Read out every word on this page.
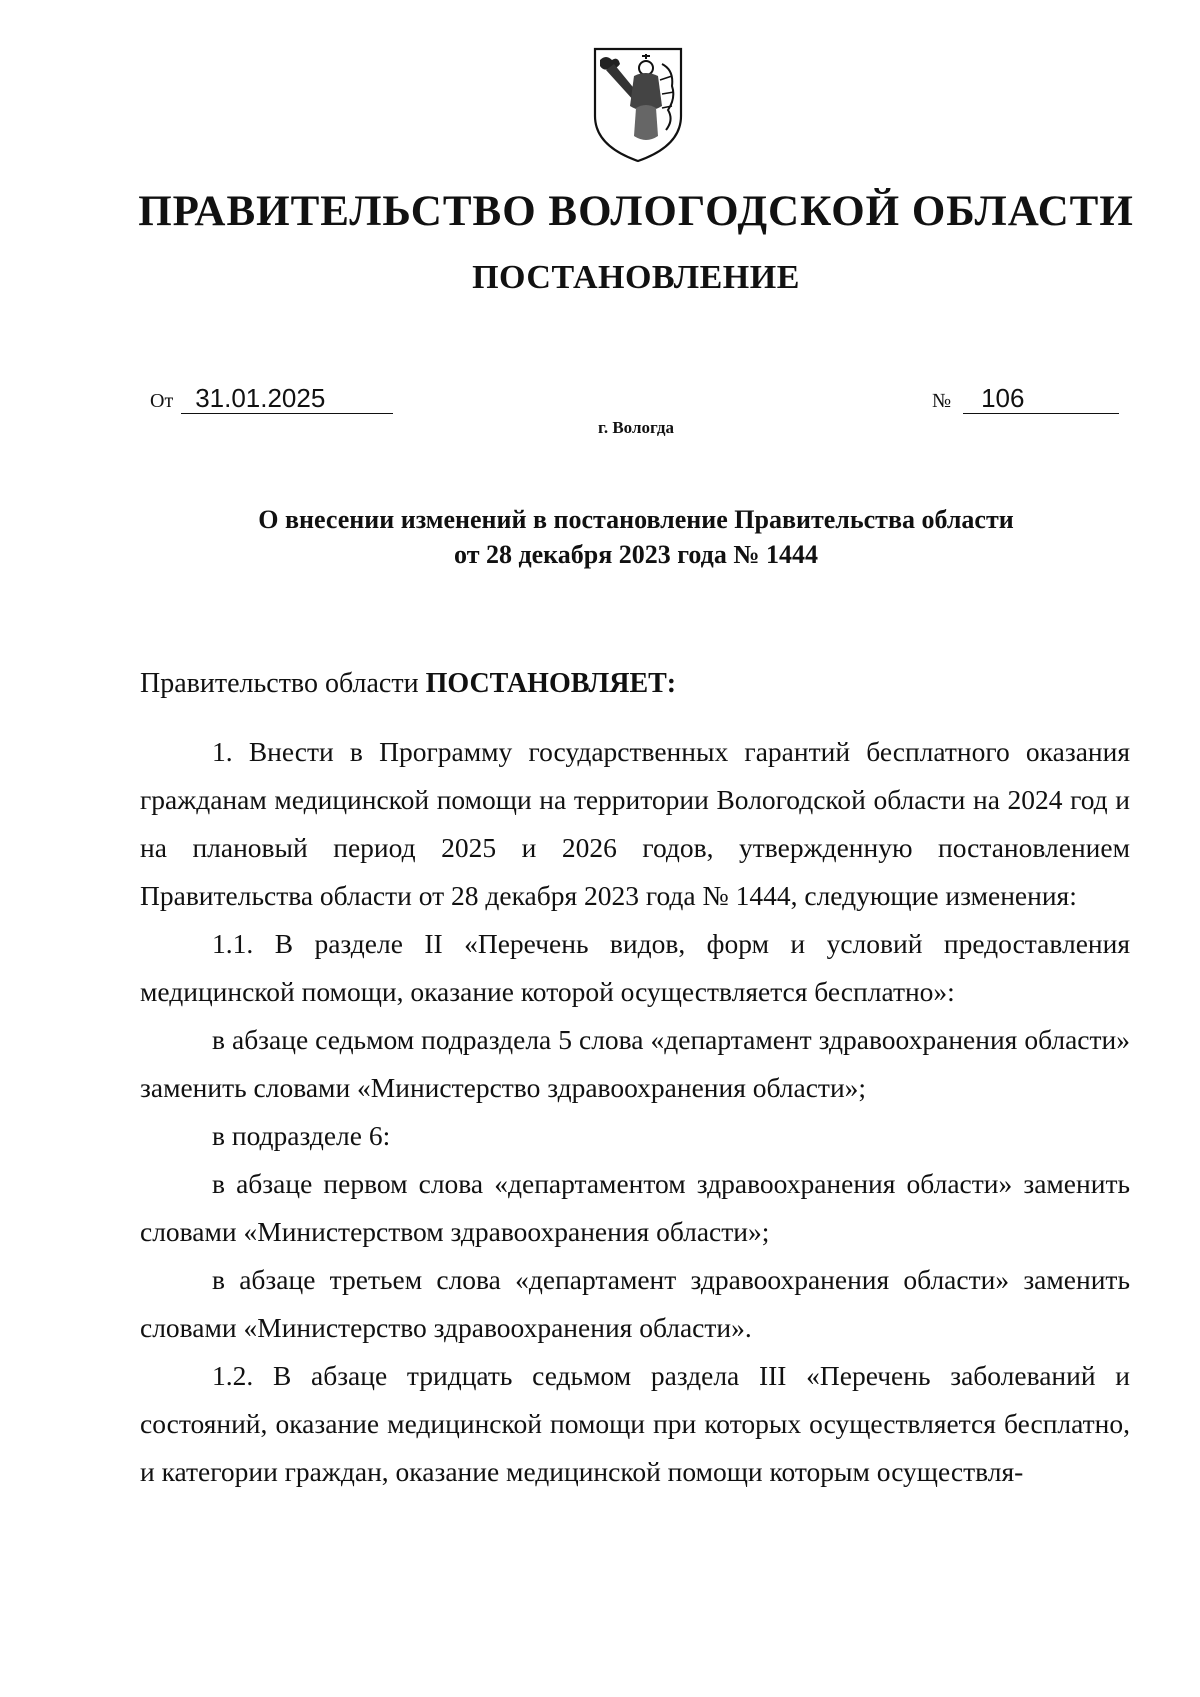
ПРАВИТЕЛЬСТВО ВОЛОГОДСКОЙ ОБЛАСТИ
ПОСТАНОВЛЕНИЕ
От 31.01.2025	№ 106
г. Вологда
О внесении изменений в постановление Правительства области
от 28 декабря 2023 года № 1444
Правительство области ПОСТАНОВЛЯЕТ:

1. Внести в Программу государственных гарантий бесплатного оказания гражданам медицинской помощи на территории Вологодской области на 2024 год и на плановый период 2025 и 2026 годов, утвержденную постановлением Правительства области от 28 декабря 2023 года № 1444, следующие изменения:

1.1. В разделе II «Перечень видов, форм и условий предоставления медицинской помощи, оказание которой осуществляется бесплатно»:

в абзаце седьмом подраздела 5 слова «департамент здравоохранения области» заменить словами «Министерство здравоохранения области»;

в подразделе 6:

в абзаце первом слова «департаментом здравоохранения области» заменить словами «Министерством здравоохранения области»;

в абзаце третьем слова «департамент здравоохранения области» заменить словами «Министерство здравоохранения области».

1.2. В абзаце тридцать седьмом раздела III «Перечень заболеваний и состояний, оказание медицинской помощи при которых осуществляется бесплатно, и категории граждан, оказание медицинской помощи которым осуществля-
